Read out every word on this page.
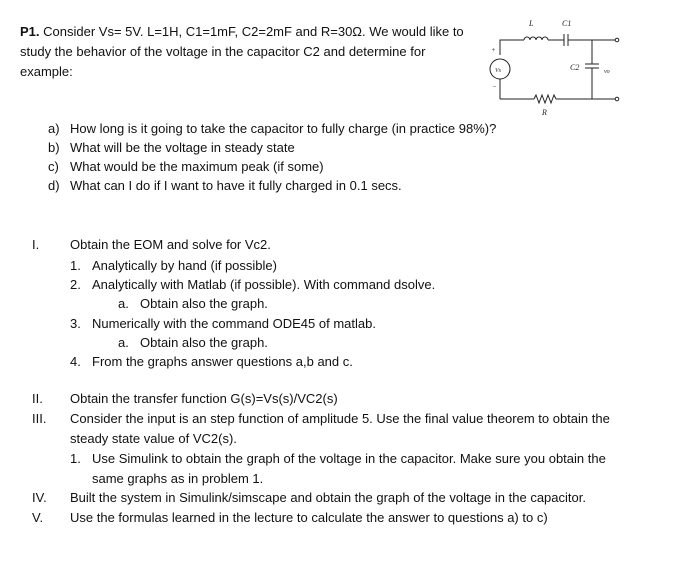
P1. Consider Vs= 5V. L=1H, C1=1mF, C2=2mF and R=30Ω. We would like to study the behavior of the voltage in the capacitor C2 and determine for example:
L	C1
C2
R
Vs	vo
+
−
a) How long is it going to take the capacitor to fully charge (in practice 98%)?
b) What will be the voltage in steady state
c) What would be the maximum peak (if some)
d) What can I do if I want to have it fully charged in 0.1 secs.
I. Obtain the EOM and solve for Vc2.
1. Analytically by hand (if possible)
2. Analytically with Matlab (if possible). With command dsolve.
a. Obtain also the graph.
3. Numerically with the command ODE45 of matlab.
a. Obtain also the graph.
4. From the graphs answer questions a,b and c.
II. Obtain the transfer function G(s)=Vs(s)/VC2(s)
III. Consider the input is an step function of amplitude 5. Use the final value theorem to obtain the
steady state value of VC2(s).
1. Use Simulink to obtain the graph of the voltage in the capacitor. Make sure you obtain the
same graphs as in problem 1.
IV. Built the system in Simulink/simscape and obtain the graph of the voltage in the capacitor.
V. Use the formulas learned in the lecture to calculate the answer to questions a) to c)
